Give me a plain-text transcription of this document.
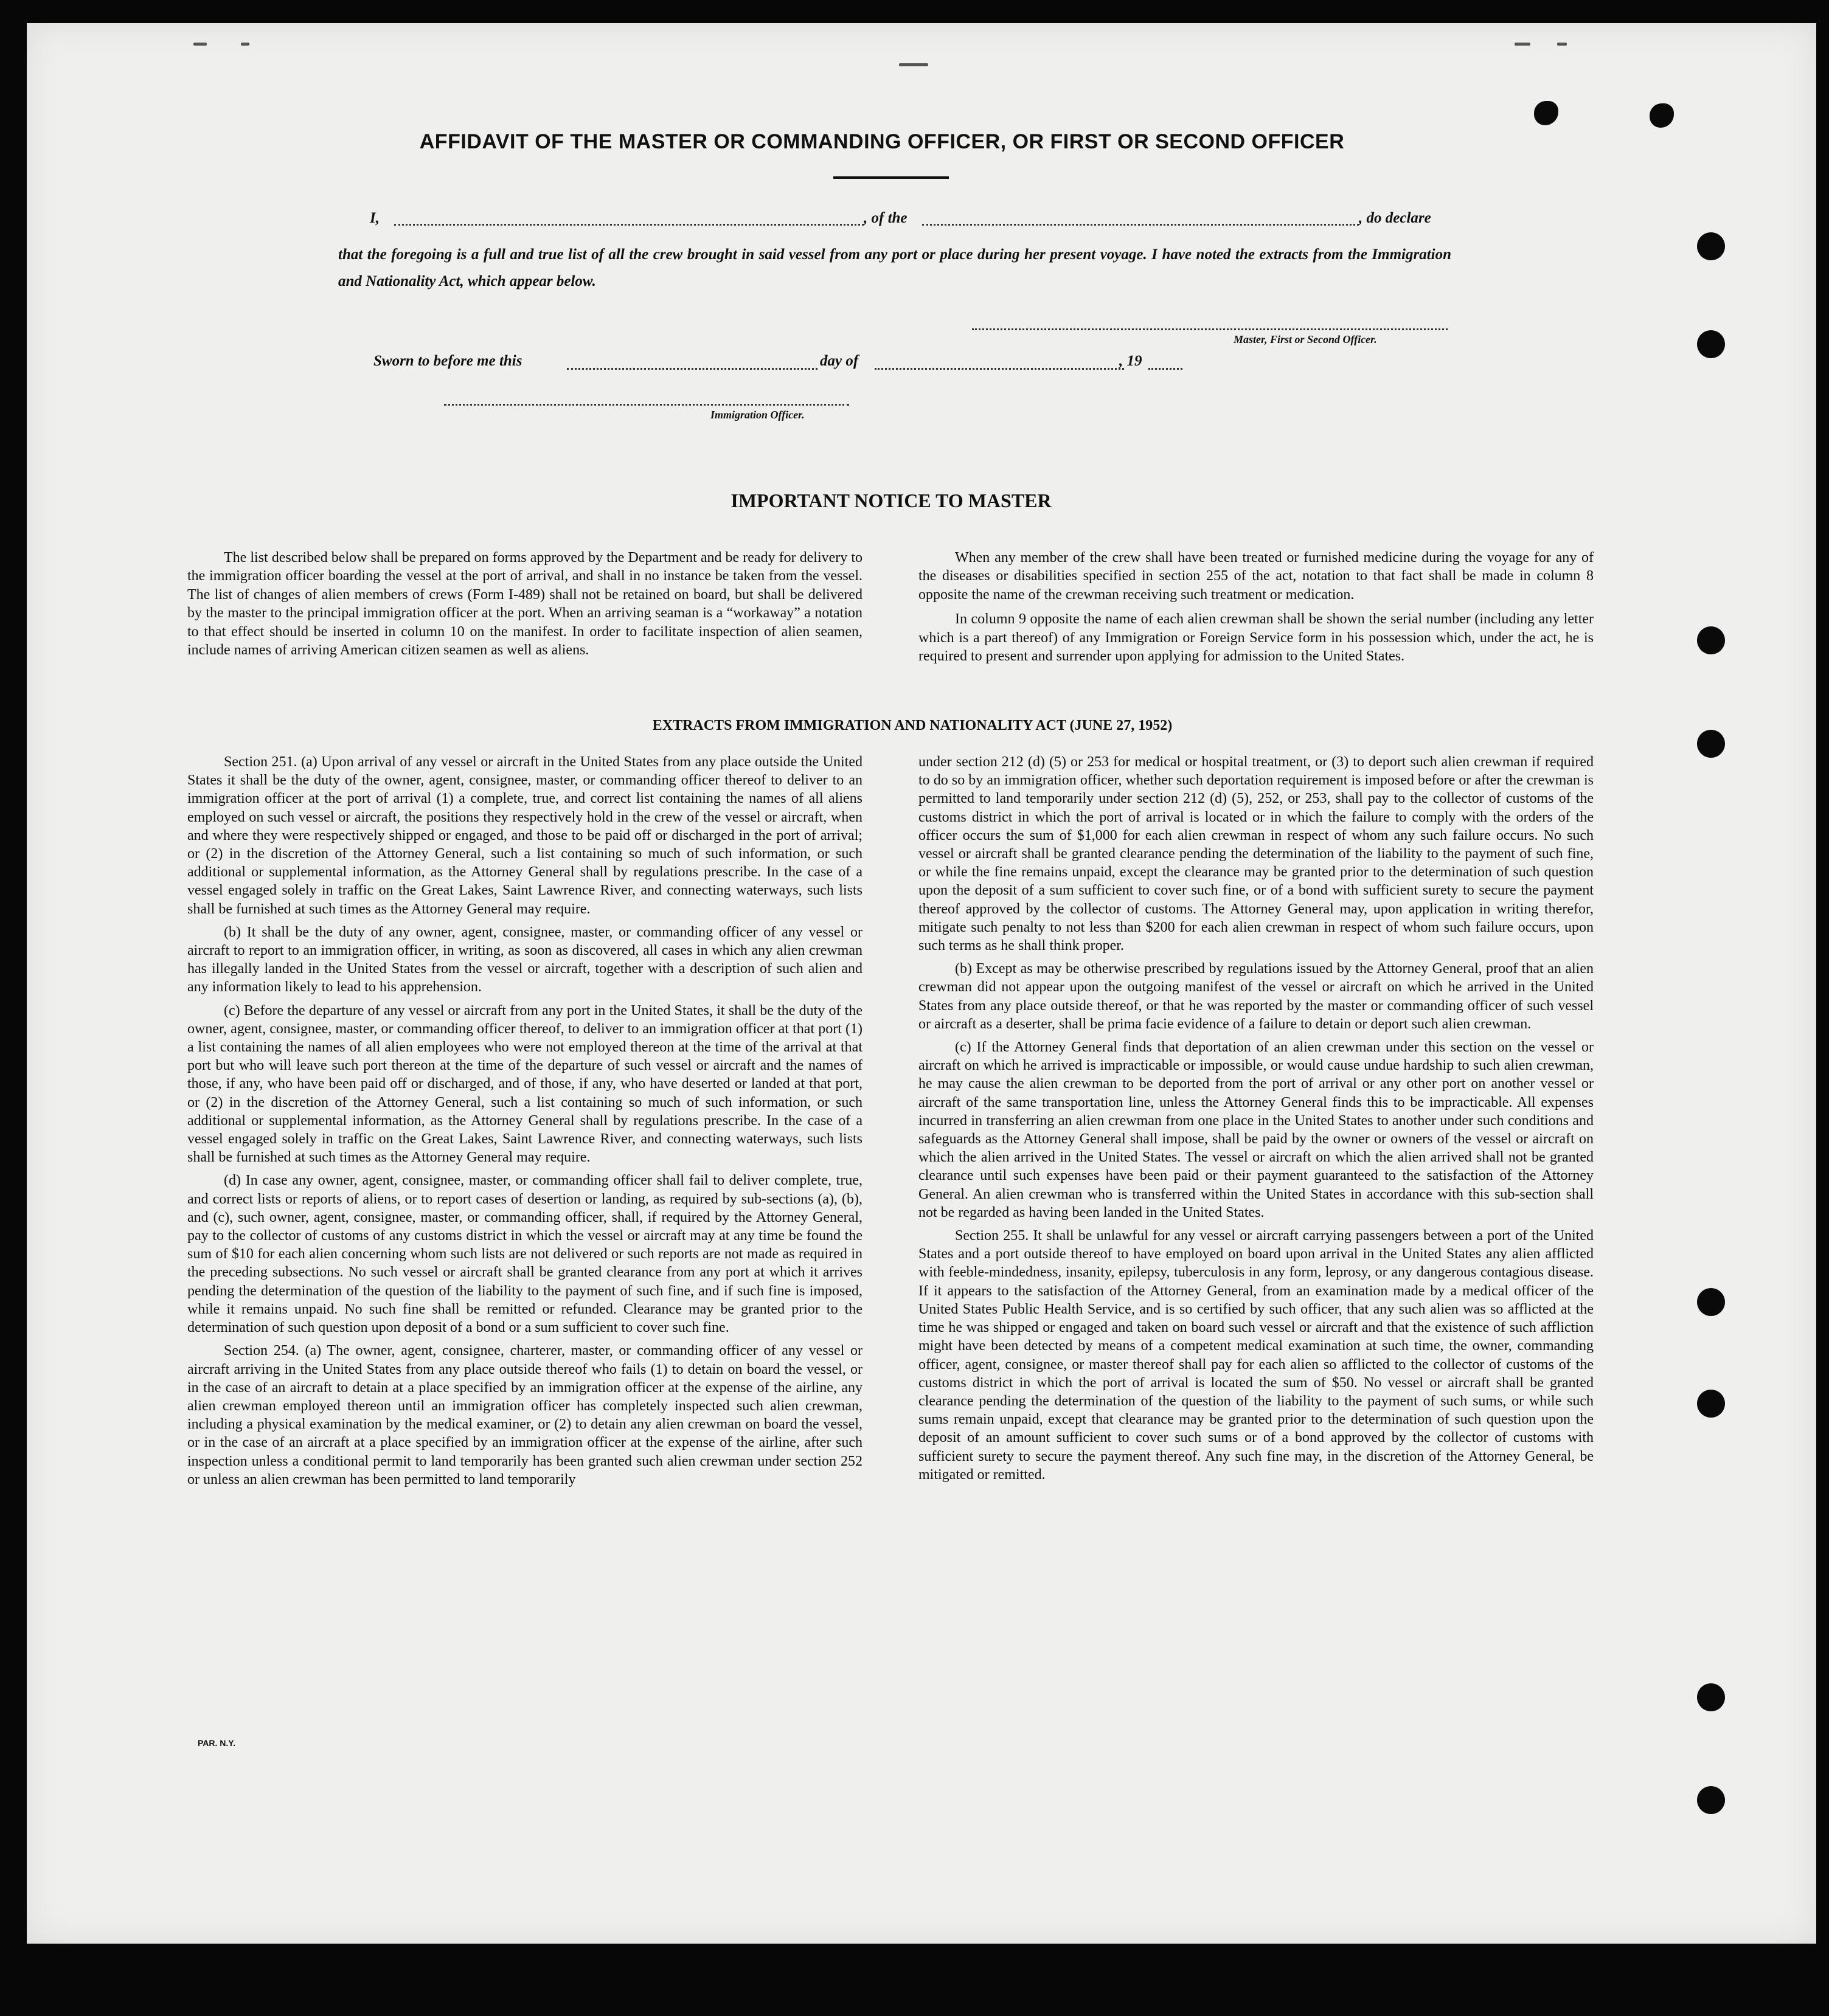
AFFIDAVIT OF THE MASTER OR COMMANDING OFFICER, OR FIRST OR SECOND OFFICER
I,	, of the	, do declare
that the foregoing is a full and true list of all the crew brought in said vessel from any port or place during her present voyage. I have noted the extracts from the Immigration and Nationality Act, which appear below.
Master, First or Second Officer.
Sworn to before me this	day of	, 19
Immigration Officer.
IMPORTANT NOTICE TO MASTER

The list described below shall be prepared on forms approved by the Department and be ready for delivery to the immigration officer boarding the vessel at the port of arrival, and shall in no instance be taken from the vessel. The list of changes of alien members of crews (Form I-489) shall not be retained on board, but shall be delivered by the master to the principal immigration officer at the port. When an arriving seaman is a “workaway” a notation to that effect should be inserted in column 10 on the manifest. In order to facilitate inspection of alien seamen, include names of arriving American citizen seamen as well as aliens.

When any member of the crew shall have been treated or furnished medicine during the voyage for any of the diseases or disabilities specified in section 255 of the act, notation to that fact shall be made in column 8 opposite the name of the crewman receiving such treatment or medication.

In column 9 opposite the name of each alien crewman shall be shown the serial number (including any letter which is a part thereof) of any Immigration or Foreign Service form in his possession which, under the act, he is required to present and surrender upon applying for admission to the United States.

EXTRACTS FROM IMMIGRATION AND NATIONALITY ACT (JUNE 27, 1952)

Section 251. (a) Upon arrival of any vessel or aircraft in the United States from any place outside the United States it shall be the duty of the owner, agent, consignee, master, or commanding officer thereof to deliver to an immigration officer at the port of arrival (1) a complete, true, and correct list containing the names of all aliens employed on such vessel or aircraft, the positions they respectively hold in the crew of the vessel or aircraft, when and where they were respectively shipped or engaged, and those to be paid off or discharged in the port of arrival; or (2) in the discretion of the Attorney General, such a list containing so much of such information, or such additional or supplemental information, as the Attorney General shall by regulations prescribe. In the case of a vessel engaged solely in traffic on the Great Lakes, Saint Lawrence River, and connecting waterways, such lists shall be furnished at such times as the Attorney General may require.

(b) It shall be the duty of any owner, agent, consignee, master, or commanding officer of any vessel or aircraft to report to an immigration officer, in writing, as soon as discovered, all cases in which any alien crewman has illegally landed in the United States from the vessel or aircraft, together with a description of such alien and any information likely to lead to his apprehension.

(c) Before the departure of any vessel or aircraft from any port in the United States, it shall be the duty of the owner, agent, consignee, master, or commanding officer thereof, to deliver to an immigration officer at that port (1) a list containing the names of all alien employees who were not employed thereon at the time of the arrival at that port but who will leave such port thereon at the time of the departure of such vessel or aircraft and the names of those, if any, who have been paid off or discharged, and of those, if any, who have deserted or landed at that port, or (2) in the discretion of the Attorney General, such a list containing so much of such information, or such additional or supplemental information, as the Attorney General shall by regulations prescribe. In the case of a vessel engaged solely in traffic on the Great Lakes, Saint Lawrence River, and connecting waterways, such lists shall be furnished at such times as the Attorney General may require.

(d) In case any owner, agent, consignee, master, or commanding officer shall fail to deliver complete, true, and correct lists or reports of aliens, or to report cases of desertion or landing, as required by sub-sections (a), (b), and (c), such owner, agent, consignee, master, or commanding officer, shall, if required by the Attorney General, pay to the collector of customs of any customs district in which the vessel or aircraft may at any time be found the sum of $10 for each alien concerning whom such lists are not delivered or such reports are not made as required in the preceding subsections. No such vessel or aircraft shall be granted clearance from any port at which it arrives pending the determination of the question of the liability to the payment of such fine, and if such fine is imposed, while it remains unpaid. No such fine shall be remitted or refunded. Clearance may be granted prior to the determination of such question upon deposit of a bond or a sum sufficient to cover such fine.

Section 254. (a) The owner, agent, consignee, charterer, master, or commanding officer of any vessel or aircraft arriving in the United States from any place outside thereof who fails (1) to detain on board the vessel, or in the case of an aircraft to detain at a place specified by an immigration officer at the expense of the airline, any alien crewman employed thereon until an immigration officer has completely inspected such alien crewman, including a physical examination by the medical examiner, or (2) to detain any alien crewman on board the vessel, or in the case of an aircraft at a place specified by an immigration officer at the expense of the airline, after such inspection unless a conditional permit to land temporarily has been granted such alien crewman under section 252 or unless an alien crewman has been permitted to land temporarily

under section 212 (d) (5) or 253 for medical or hospital treatment, or (3) to deport such alien crewman if required to do so by an immigration officer, whether such deportation requirement is imposed before or after the crewman is permitted to land temporarily under section 212 (d) (5), 252, or 253, shall pay to the collector of customs of the customs district in which the port of arrival is located or in which the failure to comply with the orders of the officer occurs the sum of $1,000 for each alien crewman in respect of whom any such failure occurs. No such vessel or aircraft shall be granted clearance pending the determination of the liability to the payment of such fine, or while the fine remains unpaid, except the clearance may be granted prior to the determination of such question upon the deposit of a sum sufficient to cover such fine, or of a bond with sufficient surety to secure the payment thereof approved by the collector of customs. The Attorney General may, upon application in writing therefor, mitigate such penalty to not less than $200 for each alien crewman in respect of whom such failure occurs, upon such terms as he shall think proper.

(b) Except as may be otherwise prescribed by regulations issued by the Attorney General, proof that an alien crewman did not appear upon the outgoing manifest of the vessel or aircraft on which he arrived in the United States from any place outside thereof, or that he was reported by the master or commanding officer of such vessel or aircraft as a deserter, shall be prima facie evidence of a failure to detain or deport such alien crewman.

(c) If the Attorney General finds that deportation of an alien crewman under this section on the vessel or aircraft on which he arrived is impracticable or impossible, or would cause undue hardship to such alien crewman, he may cause the alien crewman to be deported from the port of arrival or any other port on another vessel or aircraft of the same transportation line, unless the Attorney General finds this to be impracticable. All expenses incurred in transferring an alien crewman from one place in the United States to another under such conditions and safeguards as the Attorney General shall impose, shall be paid by the owner or owners of the vessel or aircraft on which the alien arrived in the United States. The vessel or aircraft on which the alien arrived shall not be granted clearance until such expenses have been paid or their payment guaranteed to the satisfaction of the Attorney General. An alien crewman who is transferred within the United States in accordance with this sub-section shall not be regarded as having been landed in the United States.

Section 255. It shall be unlawful for any vessel or aircraft carrying passengers between a port of the United States and a port outside thereof to have employed on board upon arrival in the United States any alien afflicted with feeble-mindedness, insanity, epilepsy, tuberculosis in any form, leprosy, or any dangerous contagious disease. If it appears to the satisfaction of the Attorney General, from an examination made by a medical officer of the United States Public Health Service, and is so certified by such officer, that any such alien was so afflicted at the time he was shipped or engaged and taken on board such vessel or aircraft and that the existence of such affliction might have been detected by means of a competent medical examination at such time, the owner, commanding officer, agent, consignee, or master thereof shall pay for each alien so afflicted to the collector of customs of the customs district in which the port of arrival is located the sum of $50. No vessel or aircraft shall be granted clearance pending the determination of the question of the liability to the payment of such sums, or while such sums remain unpaid, except that clearance may be granted prior to the determination of such question upon the deposit of an amount sufficient to cover such sums or of a bond approved by the collector of customs with sufficient surety to secure the payment thereof. Any such fine may, in the discretion of the Attorney General, be mitigated or remitted.

PAR. N.Y.
